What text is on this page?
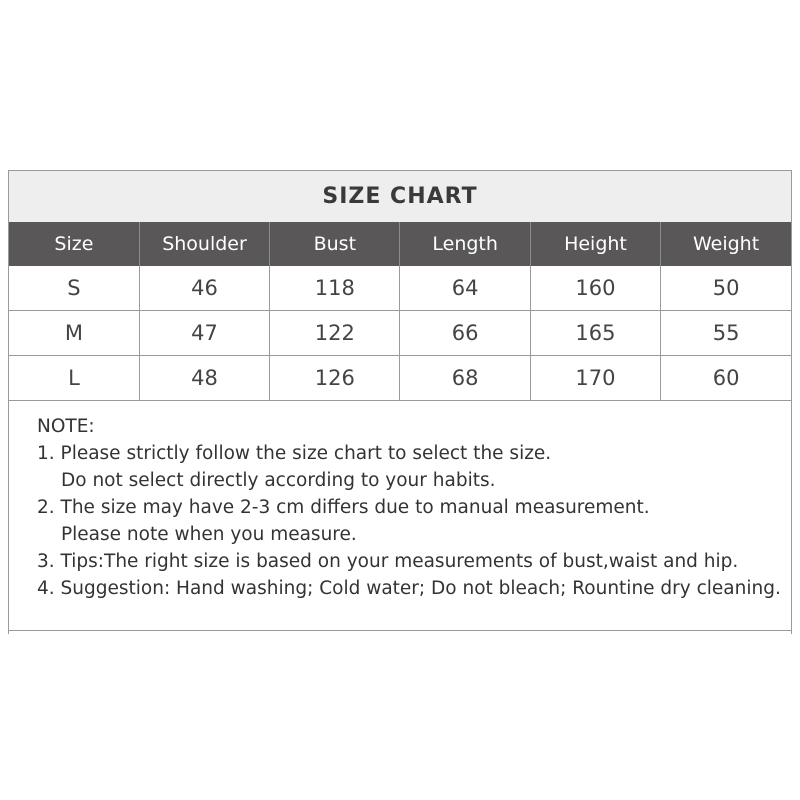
SIZE CHART
Size	Shoulder	Bust	Length	Height	Weight
S	46	118	64	160	50
M	47	122	66	165	55
L	48	126	68	170	60
NOTE:
1. Please strictly follow the size chart to select the size.
Do not select directly according to your habits.
2. The size may have 2-3 cm differs due to manual measurement.
Please note when you measure.
3. Tips:The right size is based on your measurements of bust,waist and hip.
4. Suggestion: Hand washing; Cold water; Do not bleach; Rountine dry cleaning.
